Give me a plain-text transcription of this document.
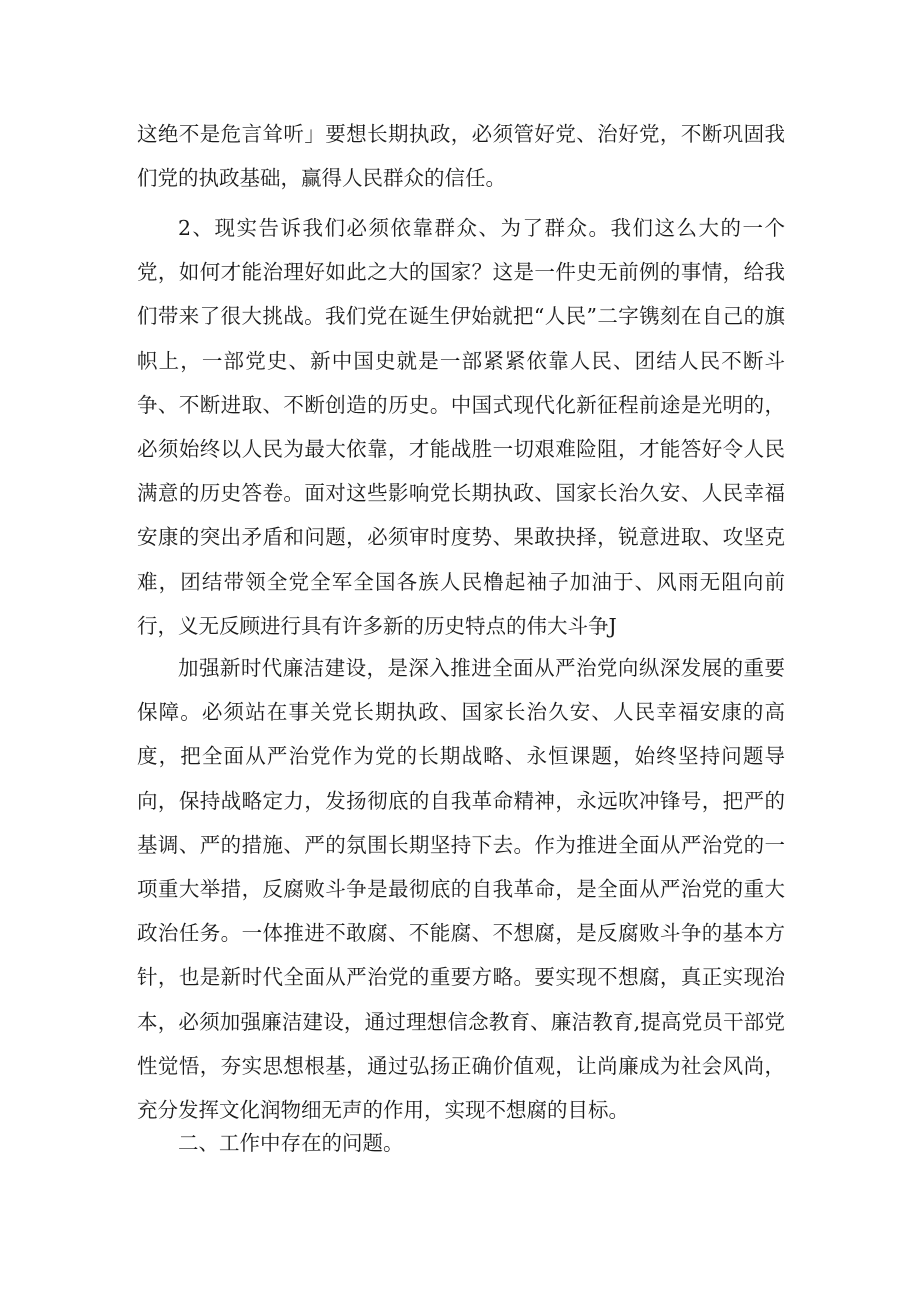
这绝不是危言耸听」要想长期执政，必须管好党、治好党，不断巩固我们党的执政基础，赢得人民群众的信任。

2、现实告诉我们必须依靠群众、为了群众。我们这么大的一个党，如何才能治理好如此之大的国家？这是一件史无前例的事情，给我们带来了很大挑战。我们党在诞生伊始就把“人民”二字镌刻在自己的旗帜上，一部党史、新中国史就是一部紧紧依靠人民、团结人民不断斗争、不断进取、不断创造的历史。中国式现代化新征程前途是光明的，必须始终以人民为最大依靠，才能战胜一切艰难险阻，才能答好令人民满意的历史答卷。面对这些影响党长期执政、国家长治久安、人民幸福安康的突出矛盾和问题，必须审时度势、果敢抉择，锐意进取、攻坚克难，团结带领全党全军全国各族人民橹起袖子加油于、风雨无阻向前行，义无反顾进行具有许多新的历史特点的伟大斗争J

加强新时代廉洁建设，是深入推进全面从严治党向纵深发展的重要保障。必须站在事关党长期执政、国家长治久安、人民幸福安康的高度，把全面从严治党作为党的长期战略、永恒课题，始终坚持问题导向，保持战略定力，发扬彻底的自我革命精神，永远吹冲锋号，把严的基调、严的措施、严的氛围长期坚持下去。作为推进全面从严治党的一项重大举措，反腐败斗争是最彻底的自我革命，是全面从严治党的重大政治任务。一体推进不敢腐、不能腐、不想腐，是反腐败斗争的基本方针，也是新时代全面从严治党的重要方略。要实现不想腐，真正实现治本，必须加强廉洁建设，通过理想信念教育、廉洁教育,提高党员干部党性觉悟，夯实思想根基，通过弘扬正确价值观，让尚廉成为社会风尚，充分发挥文化润物细无声的作用，实现不想腐的目标。

二、工作中存在的问题。
